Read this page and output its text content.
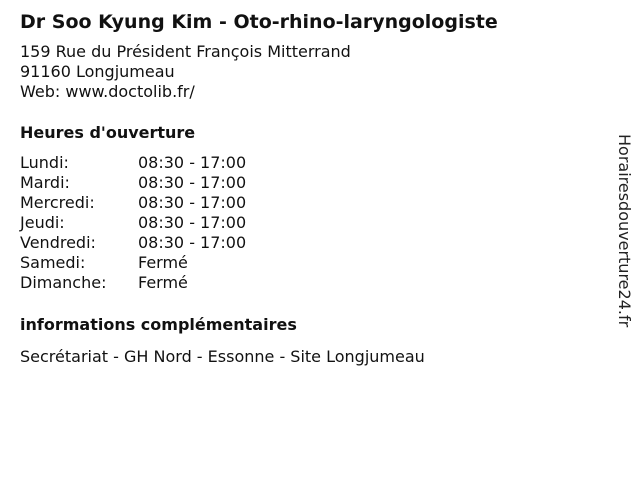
Dr Soo Kyung Kim - Oto-rhino-laryngologiste
159 Rue du Président François Mitterrand
91160 Longjumeau
Web: www.doctolib.fr/
Heures d'ouverture
Lundi:	08:30 - 17:00
Mardi:	08:30 - 17:00
Mercredi:	08:30 - 17:00
Jeudi:	08:30 - 17:00
Vendredi:	08:30 - 17:00
Samedi:	Fermé
Dimanche:	Fermé
informations complémentaires
Secrétariat - GH Nord - Essonne - Site Longjumeau
Horairesdouverture24.fr
